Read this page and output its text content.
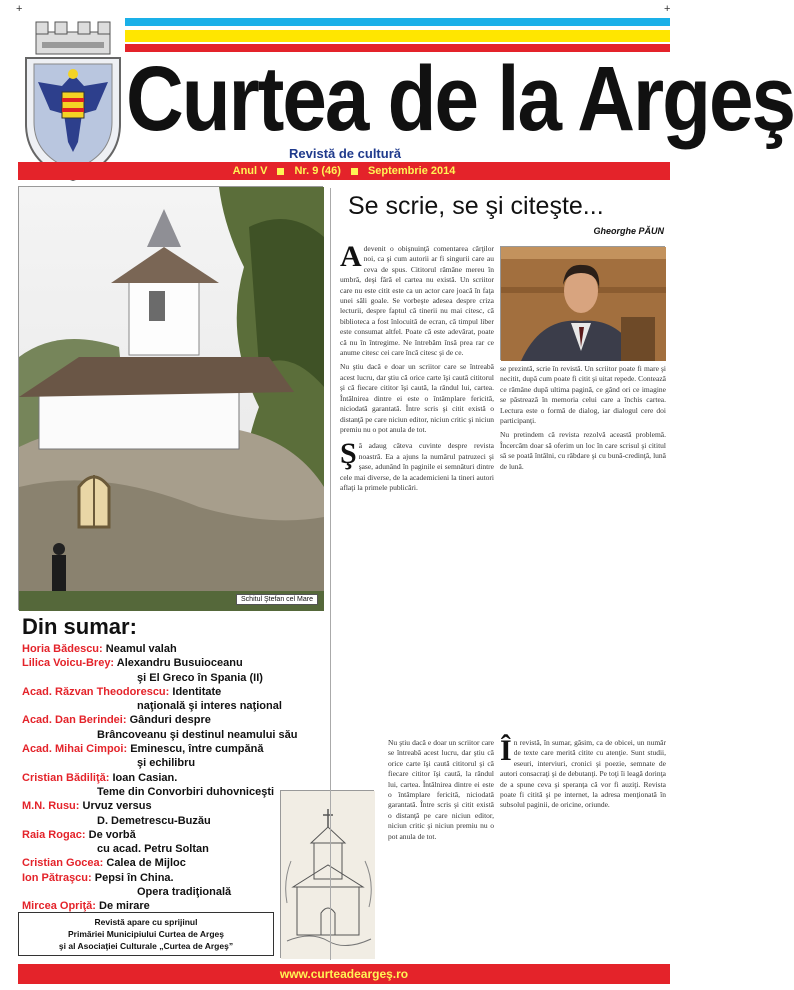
+	+
Curtea de la Argeş
Revistă de cultură
Anul V Nr. 9 (46) Septembrie 2014
Schitul Ştefan cel Mare
Din sumar:
Horia Bădescu: Neamul valah
Lilica Voicu-Brey: Alexandru Busuioceanu
şi El Greco în Spania (II)
Acad. Răzvan Theodorescu: Identitate
naţională şi interes naţional
Acad. Dan Berindei: Gânduri despre
Brâncoveanu şi destinul neamului său
Acad. Mihai Cimpoi: Eminescu, între cumpănă
şi echilibru
Cristian Bădiliţă: Ioan Casian.
Teme din Convorbiri duhovniceşti
M.N. Rusu: Urvuz versus
D. Demetrescu-Buzău
Raia Rogac: De vorbă
cu acad. Petru Soltan
Cristian Gocea: Calea de Mijloc
Ion Pătraşcu: Pepsi în China.
Opera tradiţională
Mircea Opriţă: De mirare
Revistă apare cu sprijinul
Primăriei Municipiului Curtea de Argeş
şi al Asociaţiei Culturale „Curtea de Argeş”
www.curteadeargeş.ro
Se scrie, se şi citeşte...
Gheorghe PĂUN
A devenit o obişnuinţă comentarea cărţilor noi, ca şi cum autorii ar fi singurii care au ceva de spus. Cititorul rămâne mereu în umbră, deşi fără el cartea nu există. Un scriitor care nu este citit este ca un actor care joacă în faţa unei săli goale. Se vorbeşte adesea despre criza lecturii, despre faptul că tinerii nu mai citesc, că biblioteca a fost înlocuită de ecran, că timpul liber este consumat altfel. Poate că este adevărat, poate că nu în întregime. Ne întrebăm însă prea rar ce anume citesc cei care încă citesc şi de ce.

Nu ştiu dacă e doar un scriitor care se întreabă acest lucru, dar ştiu că orice carte îşi caută cititorul şi că fiecare cititor îşi caută, la rândul lui, cartea. Întâlnirea dintre ei este o întâmplare fericită, niciodată garantată. Între scris şi citit există o distanţă pe care niciun editor, niciun critic şi niciun premiu nu o pot anula de tot.

Şă adaug câteva cuvinte despre revista noastră. Ea a ajuns la numărul patruzeci şi şase, adunând în paginile ei semnături dintre cele mai diverse, de la academicieni la tineri autori aflaţi la primele publicări.

se prezintă, scrie în revistă. Un scriitor poate fi mare şi necitit, după cum poate fi citit şi uitat repede. Contează ce rămâne după ultima pagină, ce gând ori ce imagine se păstrează în memoria celui care a închis cartea. Lectura este o formă de dialog, iar dialogul cere doi participanţi.

Nu pretindem că revista rezolvă această problemă. Încercăm doar să oferim un loc în care scrisul şi cititul să se poată întâlni, cu răbdare şi cu bună-credinţă, lună de lună.

Î n revistă, în sumar, găsim, ca de obicei, un număr de texte care merită citite cu atenţie. Sunt studii, eseuri, interviuri, cronici şi poezie, semnate de autori consacraţi şi de debutanţi. Pe toţi îi leagă dorinţa de a spune ceva şi speranţa că vor fi auziţi. Revista poate fi citită şi pe internet, la adresa menţionată în subsolul paginii, de oricine, oriunde.
Nu ştiu dacă e doar un scriitor care se întreabă acest lucru, dar ştiu că orice carte îşi caută cititorul şi că fiecare cititor îşi caută, la rândul lui, cartea. Întâlnirea dintre ei este o întâmplare fericită, niciodată garantată. Între scris şi citit există o distanţă pe care niciun editor, niciun critic şi niciun premiu nu o pot anula de tot.
